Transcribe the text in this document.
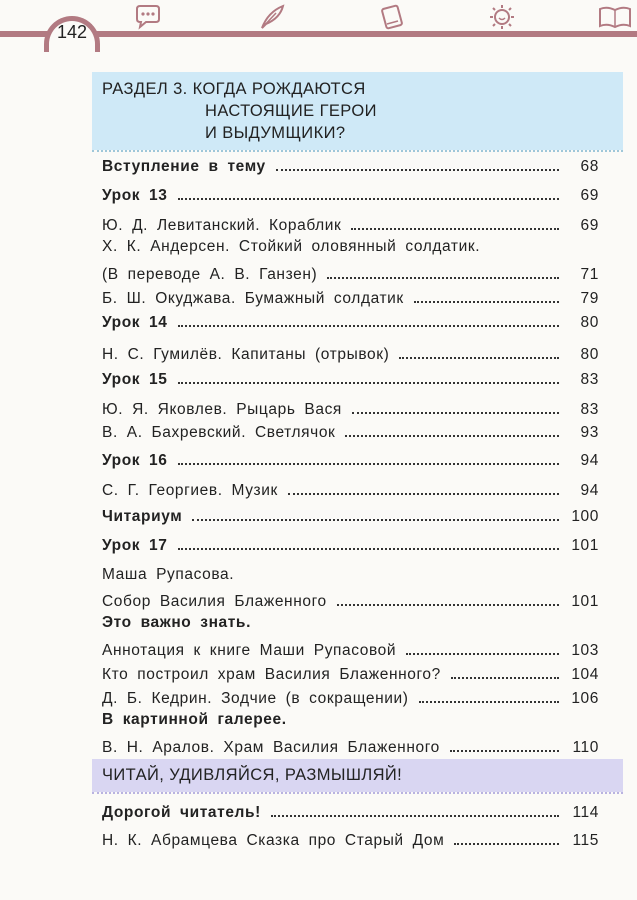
142
РАЗДЕЛ 3. КОГДА РОЖДАЮТСЯ
НАСТОЯЩИЕ ГЕРОИ
И ВЫДУМЩИКИ?
Вступление в тему	68
Урок 13	69
Ю. Д. Левитанский. Кораблик	69
Х. К. Андерсен. Стойкий оловянный солдатик.
(В переводе А. В. Ганзен)	71
Б. Ш. Окуджава. Бумажный солдатик	79
Урок 14	80
Н. С. Гумилёв. Капитаны (отрывок)	80
Урок 15	83
Ю. Я. Яковлев. Рыцарь Вася	83
В. А. Бахревский. Светлячок	93
Урок 16	94
С. Г. Георгиев. Музик	94
Читариум	100
Урок 17	101
Маша Рупасова.
Собор Василия Блаженного	101
Это важно знать.
Аннотация к книге Маши Рупасовой	103
Кто построил храм Василия Блаженного?	104
Д. Б. Кедрин. Зодчие (в сокращении)	106
В картинной галерее.
В. Н. Аралов. Храм Василия Блаженного	110
ЧИТАЙ, УДИВЛЯЙСЯ, РАЗМЫШЛЯЙ!
Дорогой читатель!	114
Н. К. Абрамцева Сказка про Старый Дом	115
